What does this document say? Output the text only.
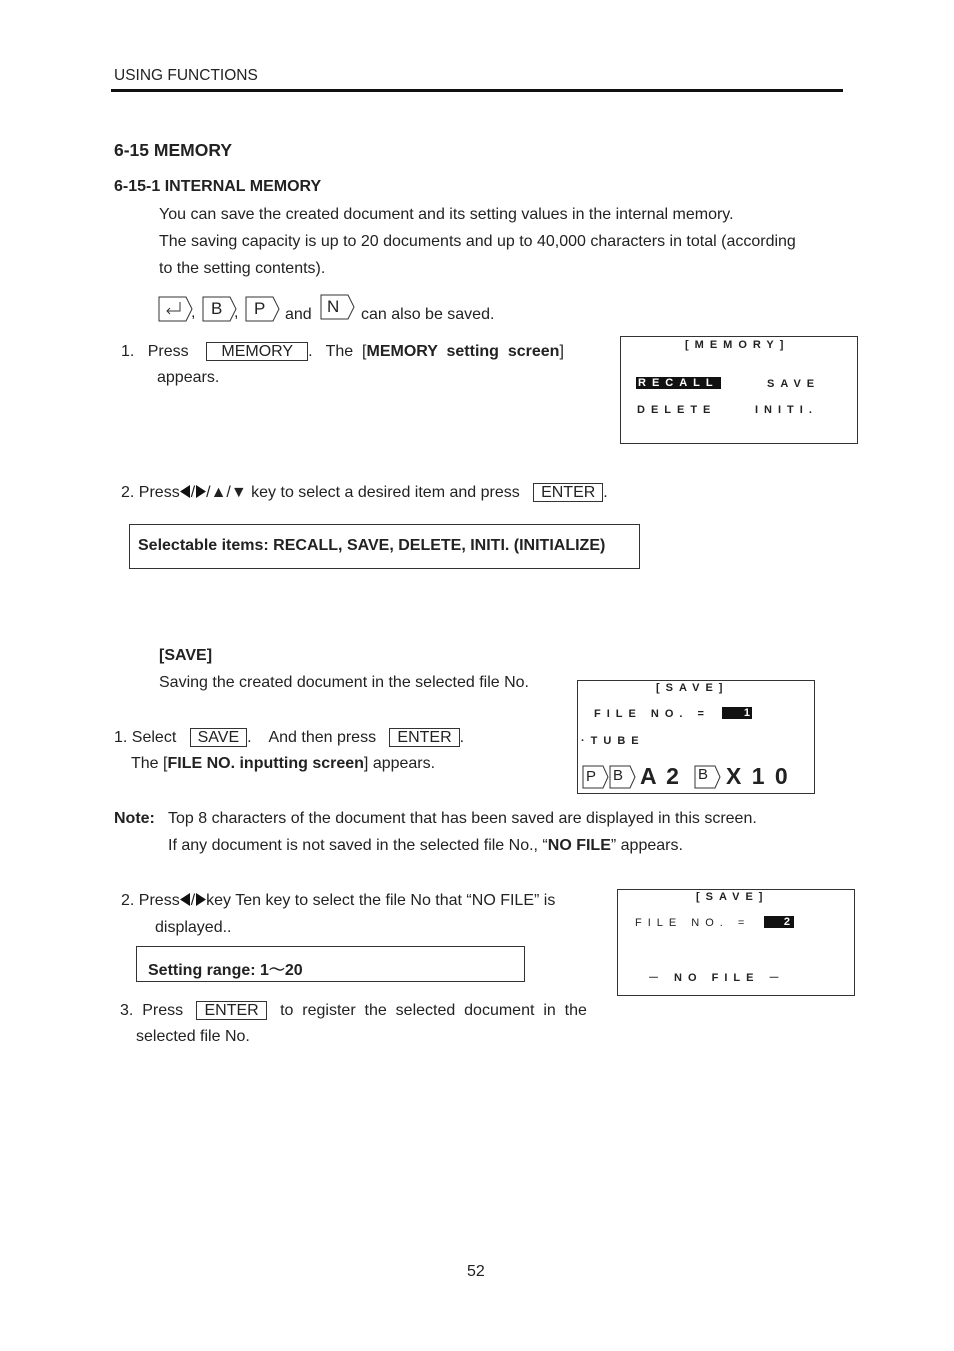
USING FUNCTIONS
6-15 MEMORY
6-15-1 INTERNAL MEMORY
You can save the created document and its setting values in the internal memory.
The saving capacity is up to 20 documents and up to 40,000 characters in total (according
to the setting contents).
, B , P and N can also be saved.
1. Press MEMORY .   The  [MEMORY  setting  screen]
appears.
[MEMORY]
RECALL	SAVE
DELETE	INITI.
2. Press / /▲/▼ key to select a desired item and press   ENTER .
Selectable items: RECALL, SAVE, DELETE, INITI. (INITIALIZE)
[SAVE]
Saving the created document in the selected file No.
1. Select SAVE .    And then press ENTER .
The [FILE NO. inputting screen] appears.
[SAVE]
FILE NO. =	1
·TUBE
P B A 2 B X 1 0
Note: Top 8 characters of the document that has been saved are displayed in this screen.
If any document is not saved in the selected file No., “NO FILE” appears.
2. Press / key Ten key to select the file No that “NO FILE” is
displayed..
Setting range: 1～20
3.  Press ENTER to  register  the  selected  document  in  the
selected file No.
[SAVE]
FILE NO. =	2
－ NO FILE －
52
